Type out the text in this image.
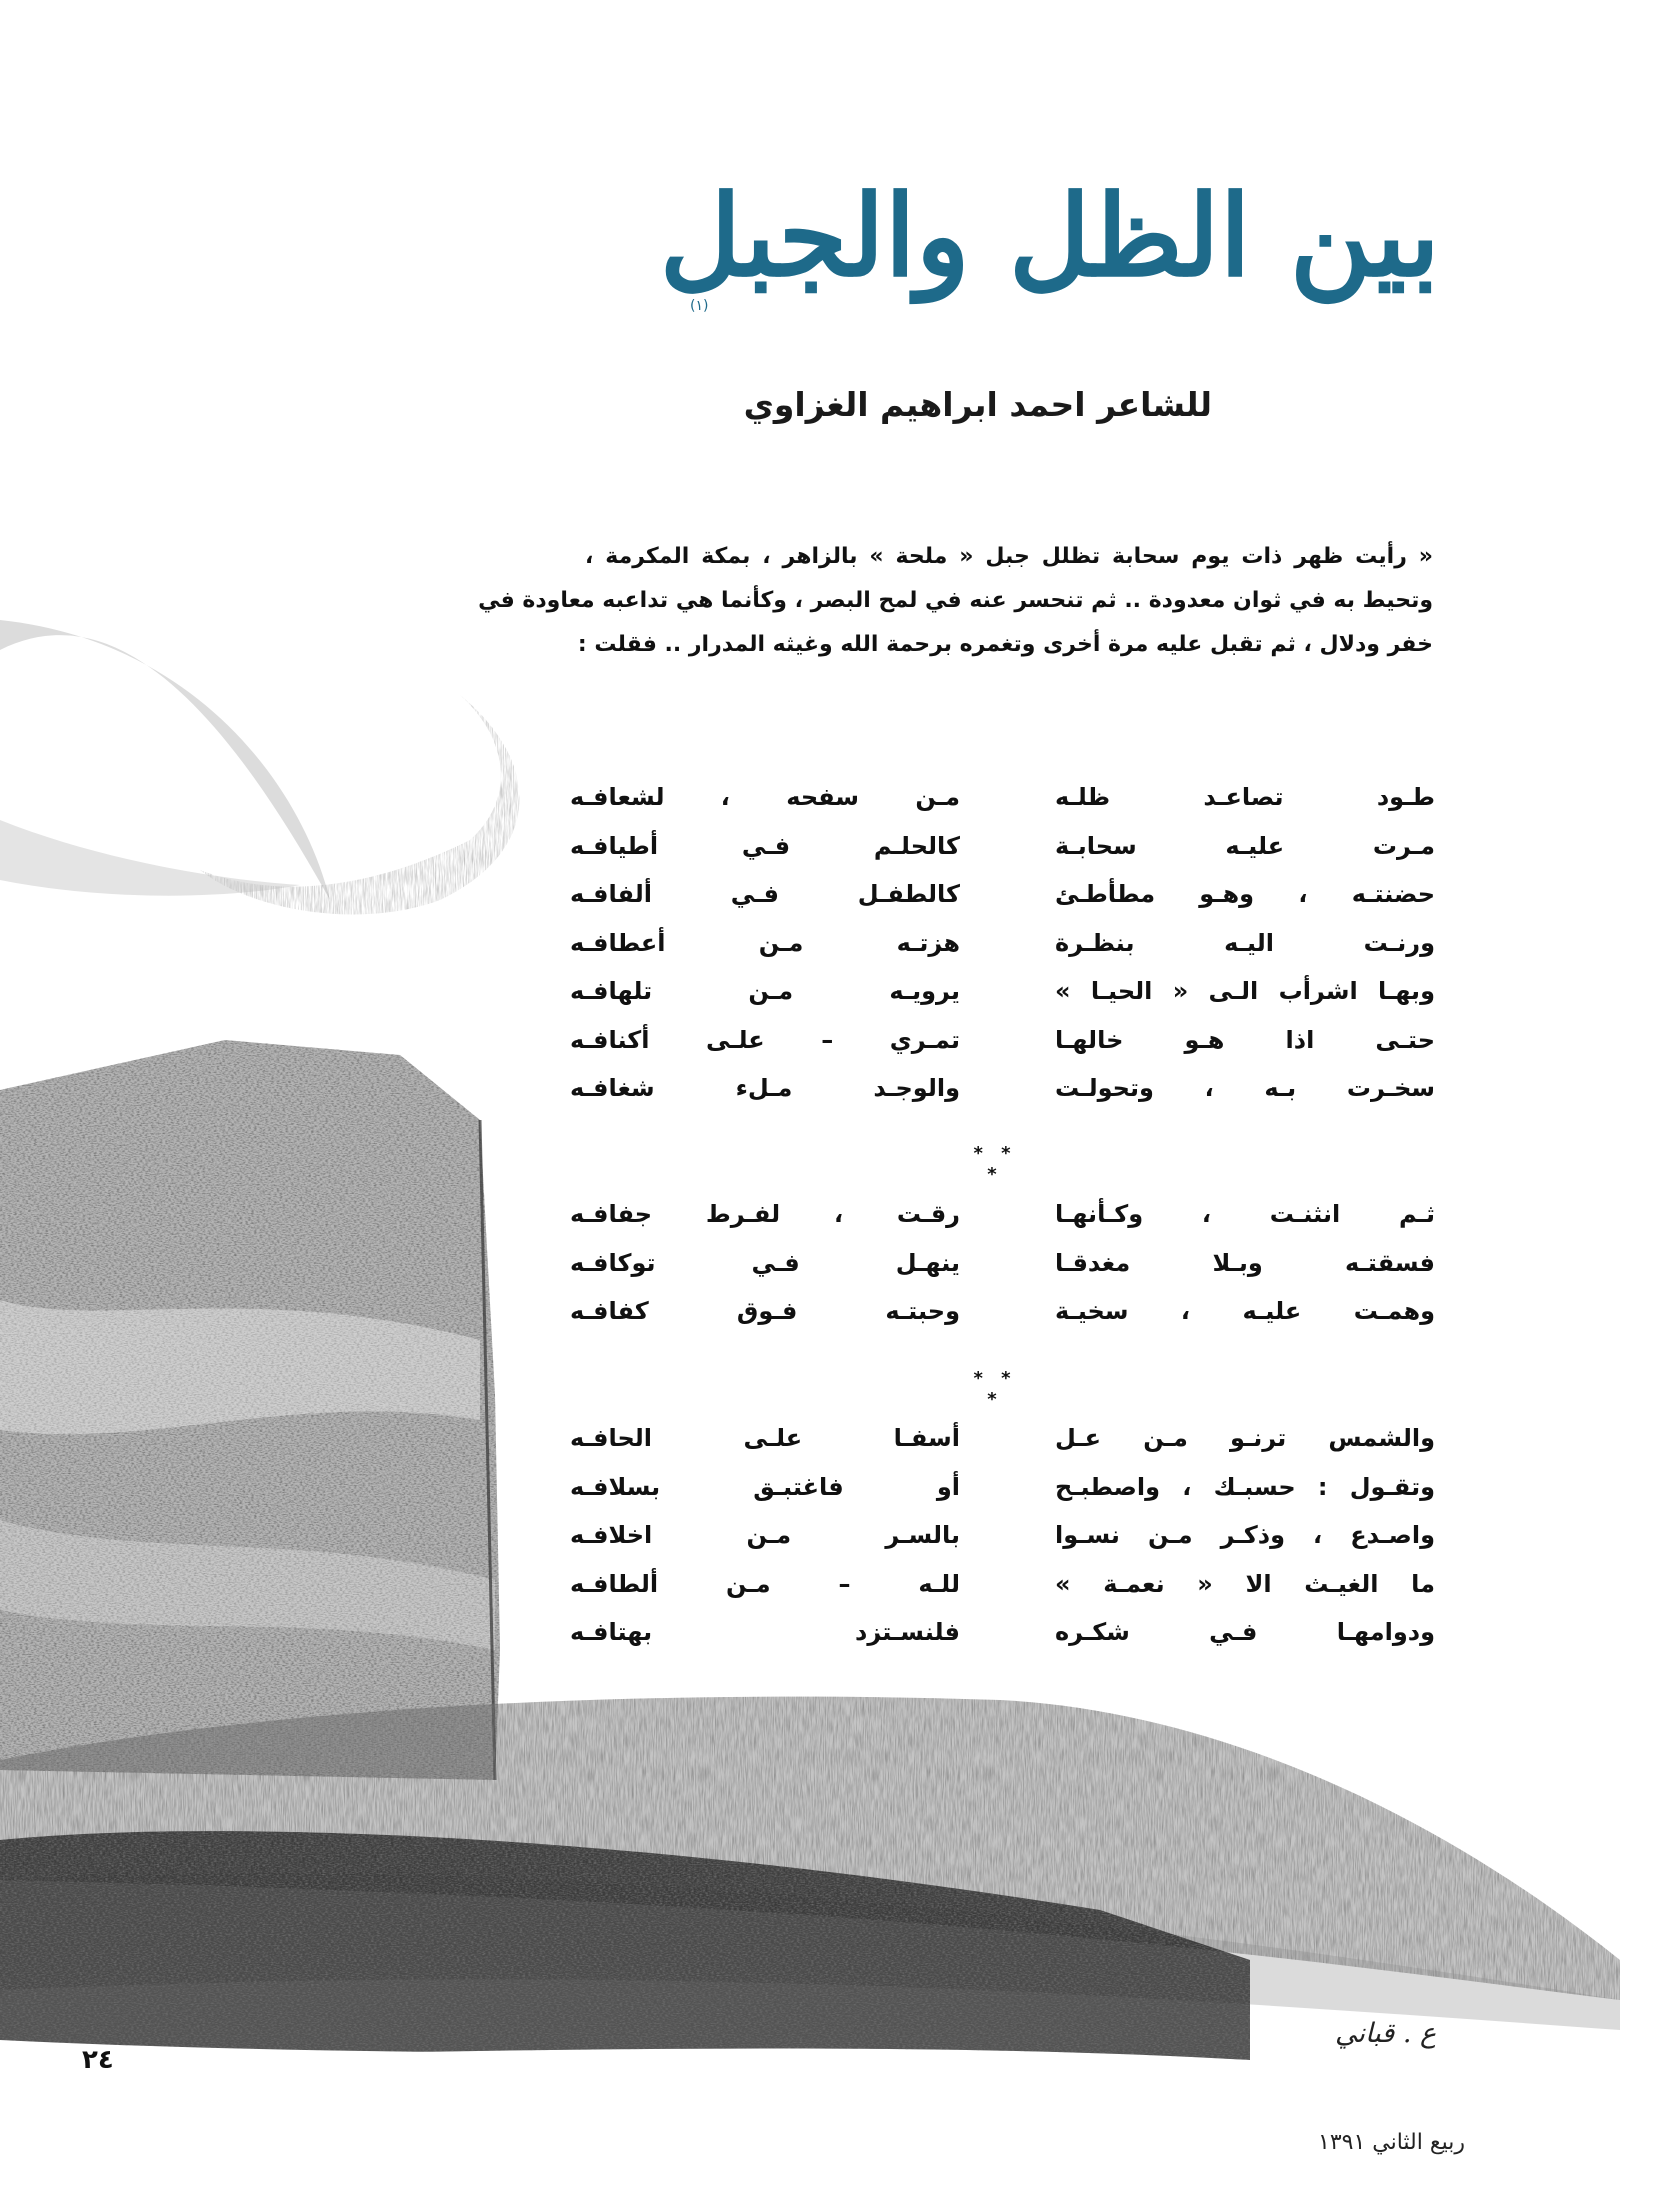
بين الظل والجبل
(١)
للشاعر احمد ابراهيم الغزاوي
« رأيت ظهر ذات يوم سحابة تظلل جبل « ملحة » بالزاهر ، بمكة المكرمة ،
وتحيط به في ثوان معدودة .. ثم تنحسر عنه في لمح البصر ، وكأنما هي تداعبه معاودة في
خفر ودلال ، ثم تقبل عليه مرة أخرى وتغمره برحمة الله وغيثه المدرار .. فقلت :
طـود تصاعـد ظلـه
مـن سفحه ، لشعافـه
مـرت عليـه سحابـة
كالحلـم فـي أطيافـه
حضنتـه ، وهـو مطأطـئ
كالطفـل فـي ألفافـه
ورنـت اليـه بنظـرة
هزتـه مـن أعطافـه
وبهـا اشرأب الـى « الحيـا »
يرويـه مـن تلهافـه
حتـى اذا هـو خالهـا
تمـري – علـى أكنافـه
سخـرت بـه ، وتحولـت
والوجـد مـلء شغافـه
* * *
ثـم انثنـت ، وكـأنهـا
رقـت ، لفـرط جفافـه
فسقتـه وبـلا مغدقـا
ينهـل فـي توكافـه
وهمـت عليـه ، سخيـة
وحبتـه فـوق كفافـه
* * *
والشمس ترنـو مـن عـل
أسفـا علـى الحافـه
وتقـول : حسبـك ، واصطبـح
أو فاغتبـق بسلافـه
واصـدع ، وذكـر مـن نسـوا
بالسـر مـن اخلافـه
ما الغيـث الا « نعمـة »
للـه – مـن ألطافـه
ودوامهـا فـي شكـره
فلنسـتزد بهتافـه
٢٤
ع . قباني
ربيع الثاني ١٣٩١
